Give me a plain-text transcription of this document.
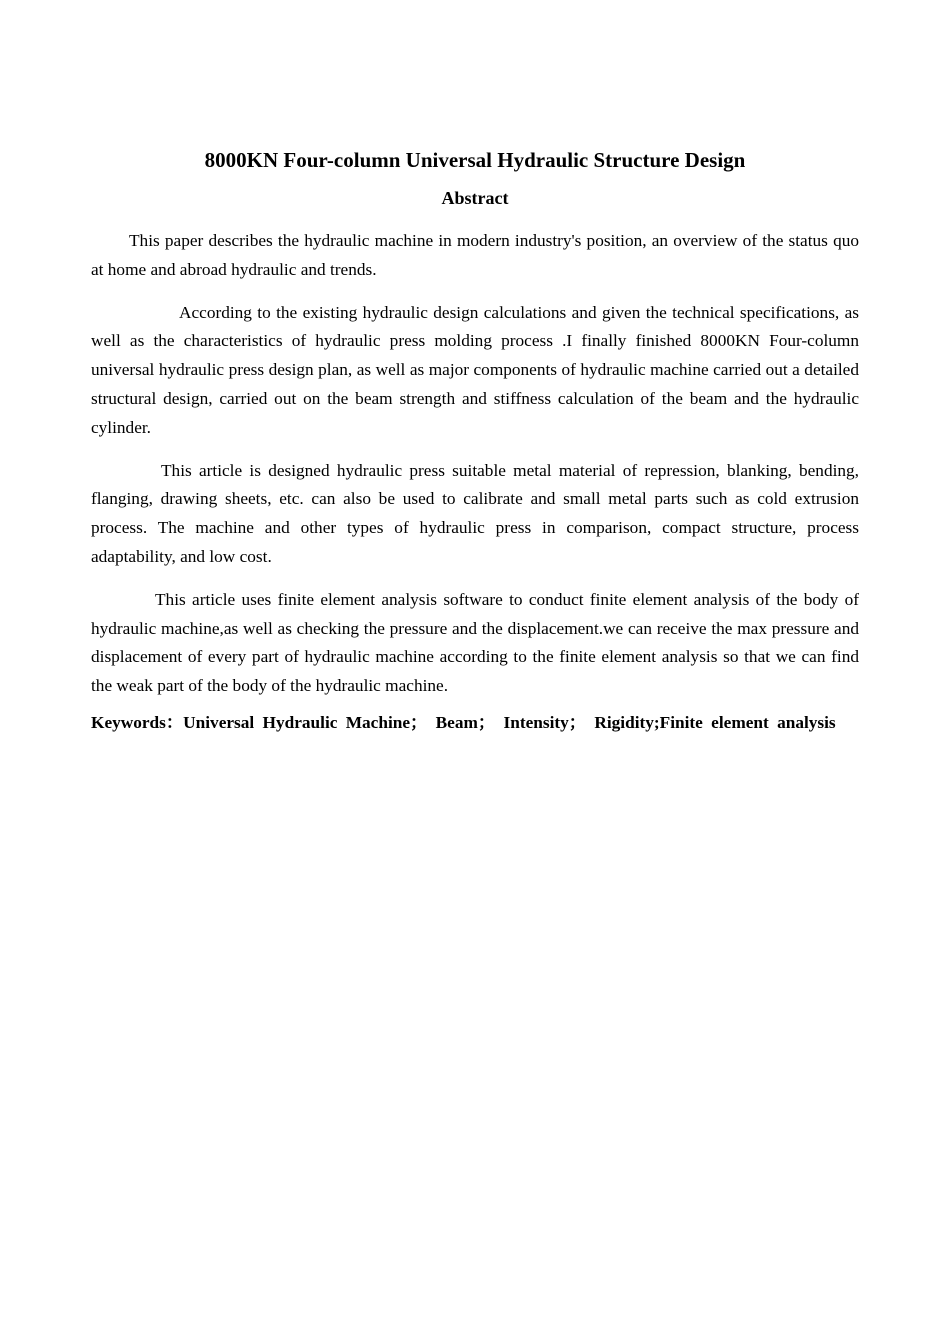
8000KN Four-column Universal Hydraulic Structure Design
Abstract

This paper describes the hydraulic machine in modern industry's position, an overview of the status quo at home and abroad hydraulic and trends.

According to the existing hydraulic design calculations and given the technical specifications, as well as the characteristics of hydraulic press molding process .I finally finished 8000KN Four-column universal hydraulic press design plan, as well as major components of hydraulic machine carried out a detailed structural design, carried out on the beam strength and stiffness calculation of the beam and the hydraulic cylinder.

This article is designed hydraulic press suitable metal material of repression, blanking, bending, flanging, drawing sheets, etc. can also be used to calibrate and small metal parts such as cold extrusion process. The machine and other types of hydraulic press in comparison, compact structure, process adaptability, and low cost.

This article uses finite element analysis software to conduct finite element analysis of the body of hydraulic machine,as well as checking the pressure and the displacement.we can receive the max pressure and displacement of every part of hydraulic machine according to the finite element analysis so that we can find the weak part of the body of the hydraulic machine.

Keywords：Universal Hydraulic Machine； Beam； Intensity； Rigidity;Finite element analysis
